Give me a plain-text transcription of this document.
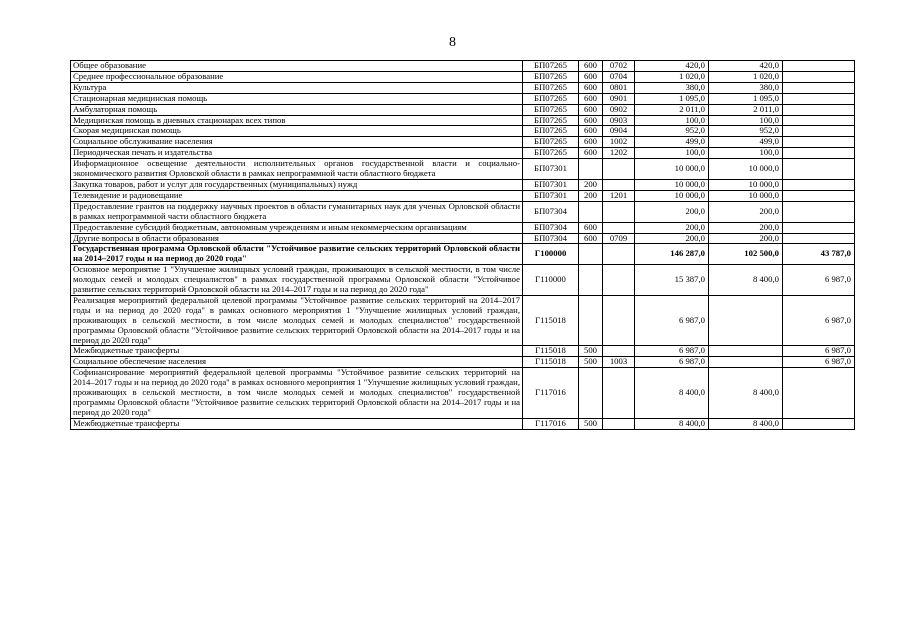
8
Общее образование	БП07265	600	0702	420,0	420,0	
Среднее профессиональное образование	БП07265	600	0704	1 020,0	1 020,0	
Культура	БП07265	600	0801	380,0	380,0	
Стационарная медицинская помощь	БП07265	600	0901	1 095,0	1 095,0	
Амбулаторная помощь	БП07265	600	0902	2 011,0	2 011,0	
Медицинская помощь в дневных стационарах всех типов	БП07265	600	0903	100,0	100,0	
Скорая медицинская помощь	БП07265	600	0904	952,0	952,0	
Социальное обслуживание населения	БП07265	600	1002	499,0	499,0	
Периодическая печать и издательства	БП07265	600	1202	100,0	100,0	
Информационное освещение деятельности исполнительных органов государственной власти и социально-экономического развития Орловской области в рамках непрограммной части областного бюджета	БП07301			10 000,0	10 000,0	
Закупка товаров, работ и услуг для государственных (муниципальных) нужд	БП07301	200		10 000,0	10 000,0	
Телевидение и радиовещание	БП07301	200	1201	10 000,0	10 000,0	
Предоставление грантов на поддержку научных проектов в области гуманитарных наук для ученых Орловской области в рамках непрограммной части областного бюджета	БП07304			200,0	200,0	
Предоставление субсидий бюджетным, автономным учреждениям и иным некоммерческим организациям	БП07304	600		200,0	200,0	
Другие вопросы в области образования	БП07304	600	0709	200,0	200,0	
Государственная программа Орловской области "Устойчивое развитие сельских территорий Орловской области на 2014–2017 годы и на период до 2020 года"	Г100000			146 287,0	102 500,0	43 787,0
Основное мероприятие 1 "Улучшение жилищных условий граждан, проживающих в сельской местности, в том числе молодых семей и молодых специалистов" в рамках государственной программы Орловской области "Устойчивое развитие сельских территорий Орловской области на 2014–2017 годы и на период до 2020 года"	Г110000			15 387,0	8 400,0	6 987,0
Реализация мероприятий федеральной целевой программы "Устойчивое развитие сельских территорий на 2014–2017 годы и на период до 2020 года" в рамках основного мероприятия 1 "Улучшение жилищных условий граждан, проживающих в сельской местности, в том числе молодых семей и молодых специалистов" государственной программы Орловской области "Устойчивое развитие сельских территорий Орловской области на 2014–2017 годы и на период до 2020 года"	Г115018			6 987,0		6 987,0
Межбюджетные трансферты	Г115018	500		6 987,0		6 987,0
Социальное обеспечение населения	Г115018	500	1003	6 987,0		6 987,0
Софинансирование мероприятий федеральной целевой программы "Устойчивое развитие сельских территорий на 2014–2017 годы и на период до 2020 года" в рамках основного мероприятия 1 "Улучшение жилищных условий граждан, проживающих в сельской местности, в том числе молодых семей и молодых специалистов" государственной программы Орловской области "Устойчивое развитие сельских территорий Орловской области на 2014–2017 годы и на период до 2020 года"	Г117016			8 400,0	8 400,0	
Межбюджетные трансферты	Г117016	500		8 400,0	8 400,0	
